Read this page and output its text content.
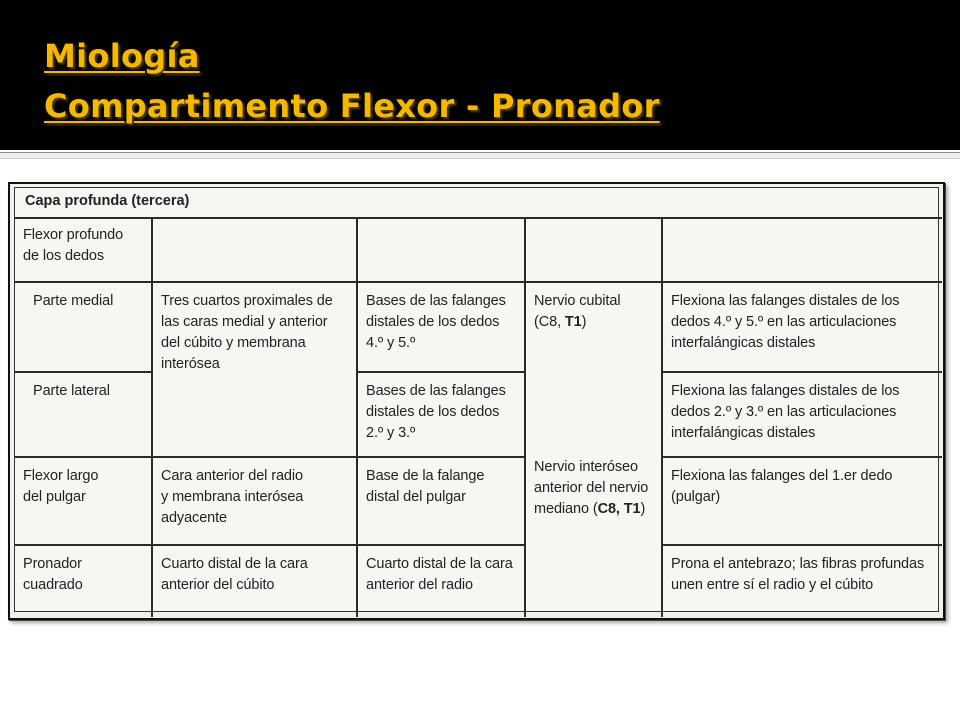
Miología
Compartimento Flexor - Pronador
Capa profunda (tercera)
Flexor profundo
de los dedos
Parte medial	Tres cuartos proximales de
las caras medial y anterior
del cúbito y membrana
interósea
Bases de las falanges
distales de los dedos
4.º y 5.º
Nervio cubital
(C8, T1)
Flexiona las falanges distales de los
dedos 4.º y 5.º en las articulaciones
interfalángicas distales
Parte lateral	Bases de las falanges
distales de los dedos
2.º y 3.º
Flexiona las falanges distales de los
dedos 2.º y 3.º en las articulaciones
interfalángicas distales
Nervio interóseo
anterior del nervio
mediano (C8, T1)
Flexor largo
del pulgar
Cara anterior del radio
y membrana interósea
adyacente
Base de la falange
distal del pulgar
Flexiona las falanges del 1.er dedo
(pulgar)
Pronador
cuadrado
Cuarto distal de la cara
anterior del cúbito
Cuarto distal de la cara
anterior del radio
Prona el antebrazo; las fibras profundas
unen entre sí el radio y el cúbito
